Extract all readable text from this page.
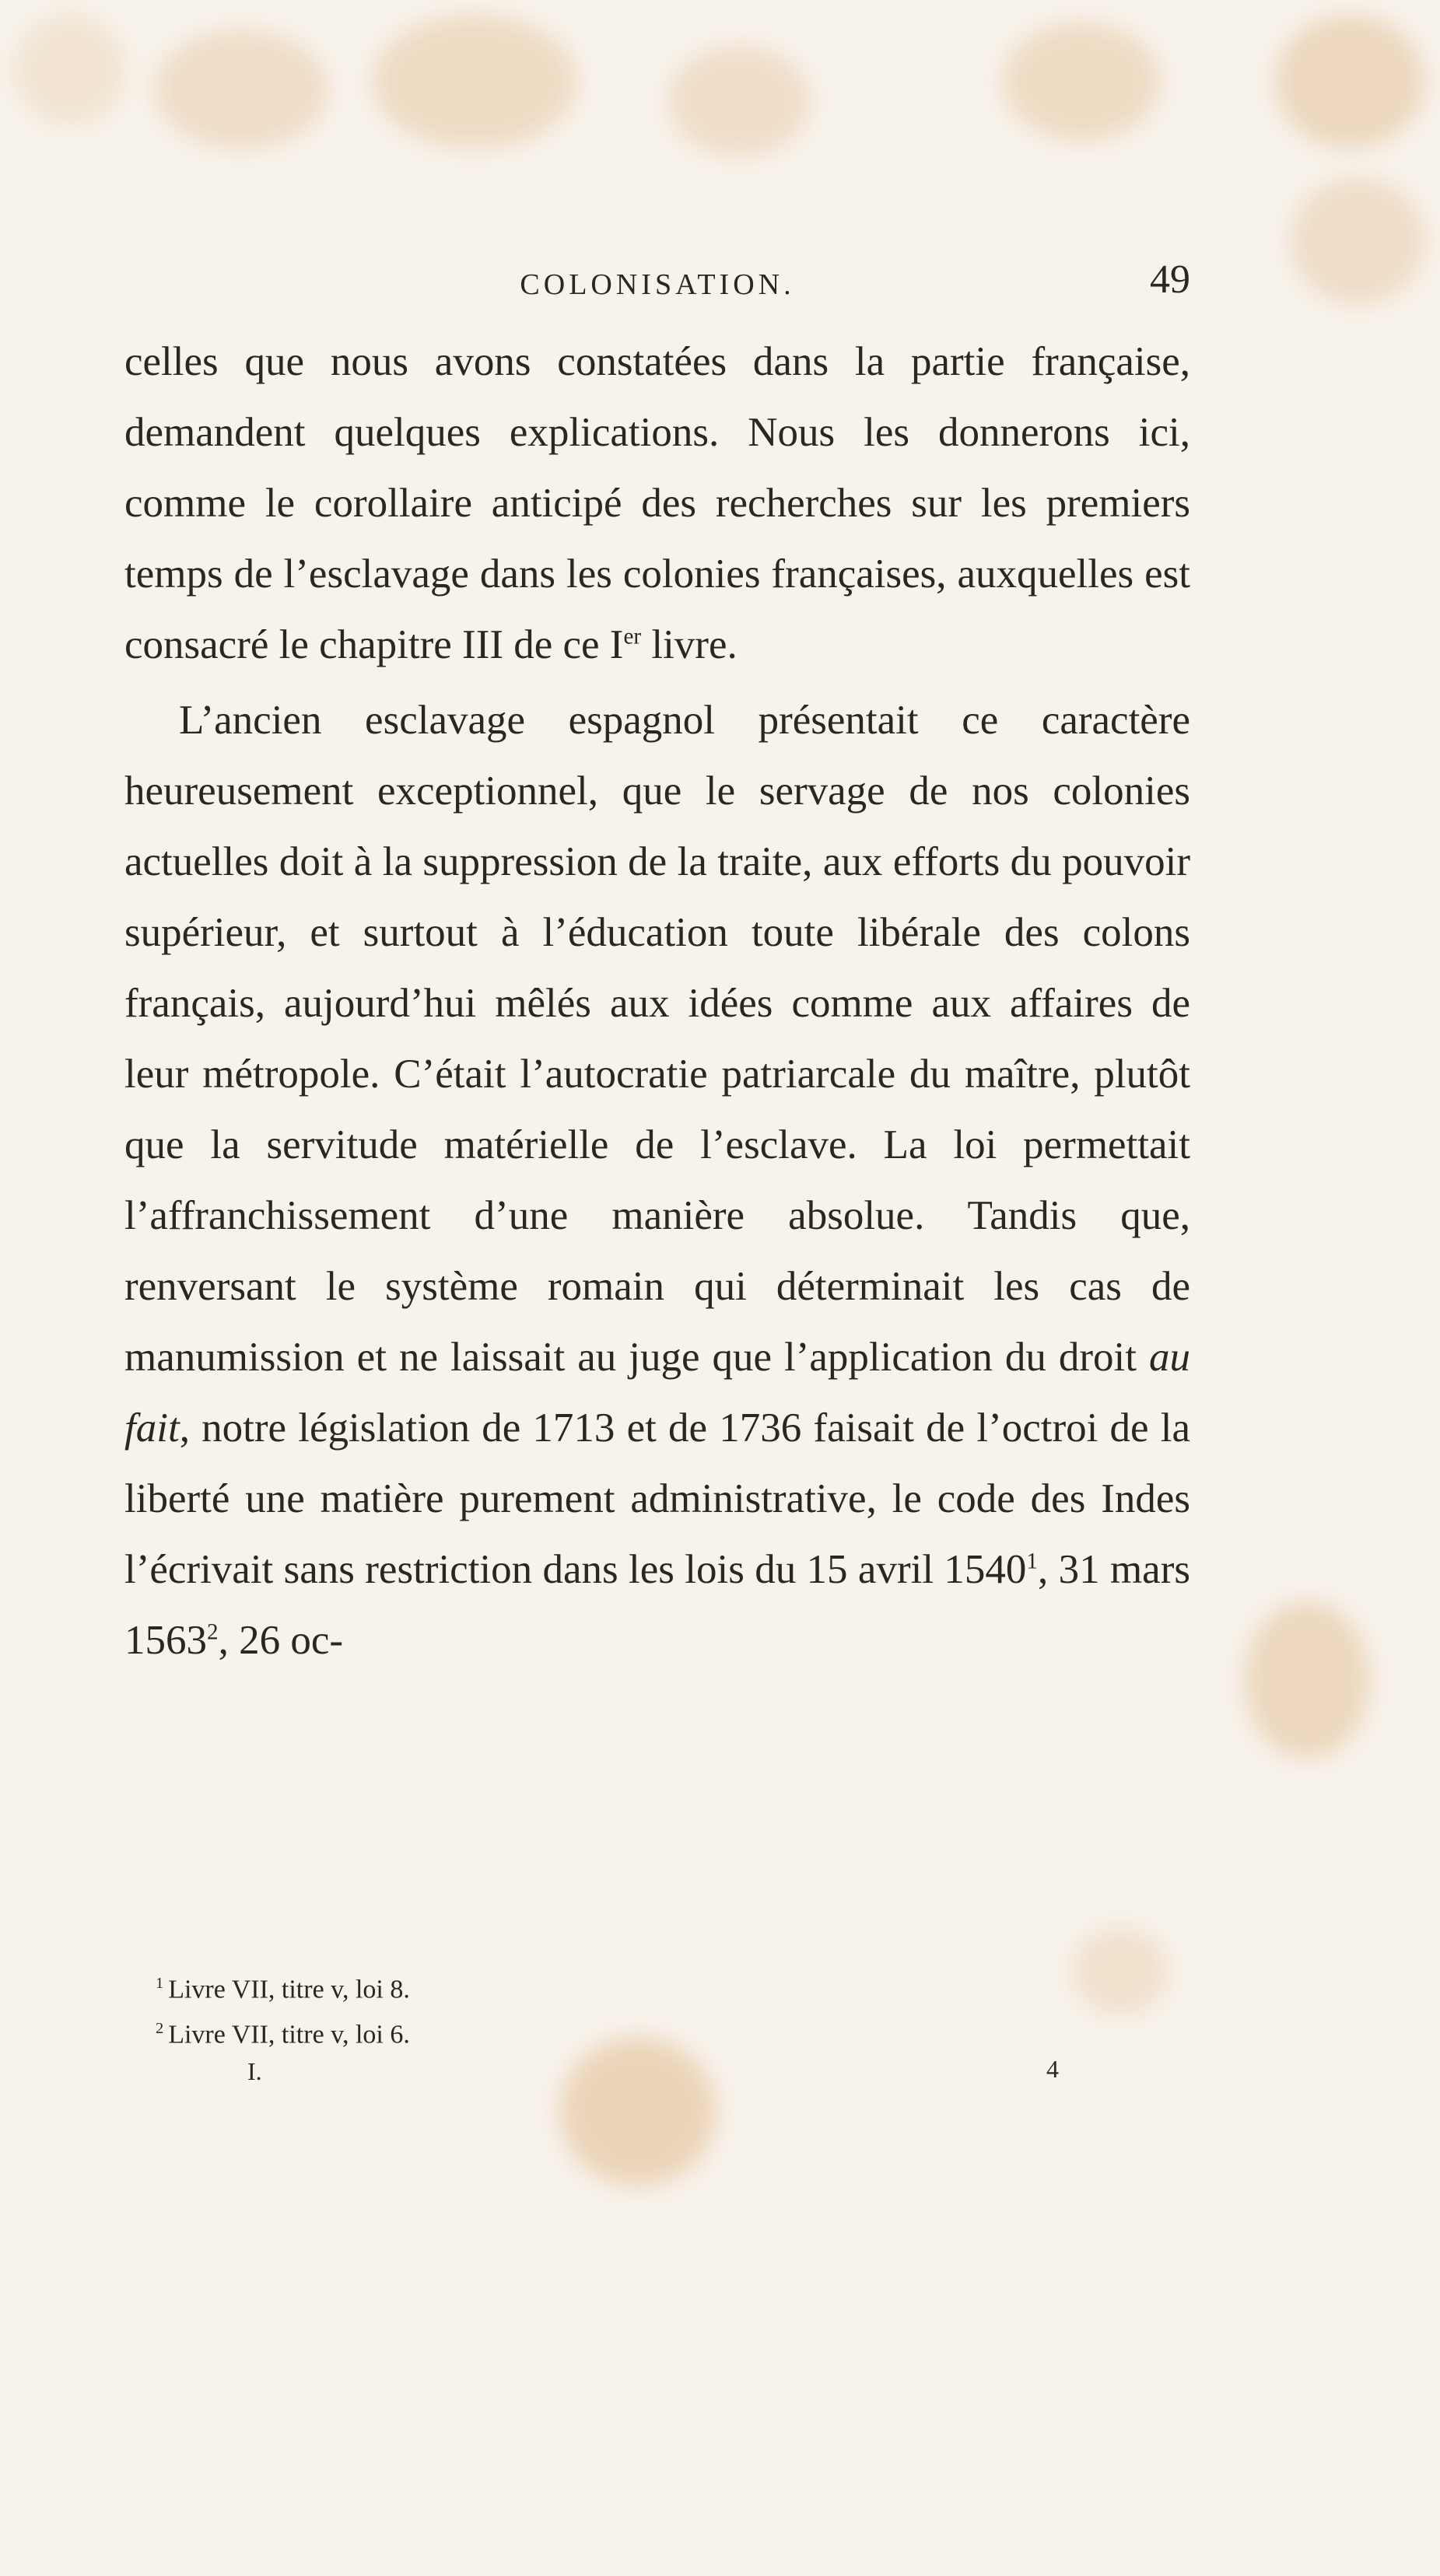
COLONISATION.	49

celles que nous avons constatées dans la partie française, demandent quelques explications. Nous les donnerons ici, comme le corollaire anticipé des recherches sur les premiers temps de l’esclavage dans les colonies françaises, auxquelles est consacré le chapitre III de ce Ier livre.

L’ancien esclavage espagnol présentait ce caractère heureusement exceptionnel, que le servage de nos colonies actuelles doit à la suppression de la traite, aux efforts du pouvoir supérieur, et surtout à l’éducation toute libérale des colons français, aujourd’hui mêlés aux idées comme aux affaires de leur métropole. C’était l’autocratie patriarcale du maître, plutôt que la servitude matérielle de l’esclave. La loi permettait l’affranchissement d’une manière absolue. Tandis que, renversant le système romain qui déterminait les cas de manumission et ne laissait au juge que l’application du droit au fait, notre législation de 1713 et de 1736 faisait de l’octroi de la liberté une matière purement administrative, le code des Indes l’écrivait sans restriction dans les lois du 15 avril 1540$^1$, 31 mars 1563$^2$, 26 oc-

$^1$ Livre VII, titre v, loi 8.
$^2$ Livre VII, titre v, loi 6.
I.	4
